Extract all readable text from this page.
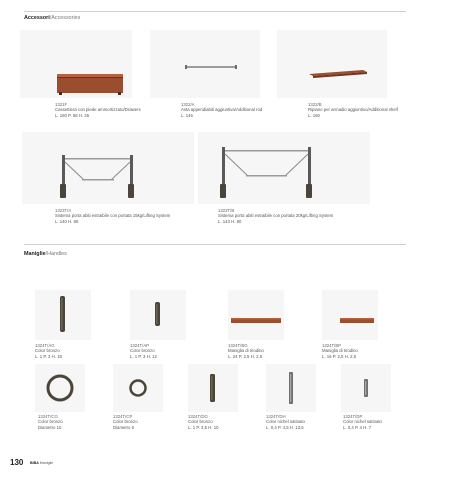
Accessori/Accessories
1321F
Cassettiera con piede ammortizzato/Drawers
L. 160 P. 58 H. 36
1322/A
Asta appendiabiti aggiuntiva/Additional rod
L. 146
1322/B
Ripiano per armadio aggiuntivo/Additional shelf
L. 160
1323T/A
Sistema porta abiti estraibile con portata 15kg/Lifting System
L. 140 H. 65
1323T/B
Sistema porta abiti estraibile con portata 20kg/Lifting System
L. 143 H. 80
Maniglie/Handles
1324T/AG
Color bronzo
L. 1 P. 3 H. 18
1324T/AP
Color bronzo
L. 1 P. 3 H. 12
1324T/BG
Maniglia di tirodino
L. 24 P. 2,5 H. 2,5
1324T/BP
Maniglia di tirodino
L. 16 P. 2,5 H. 2,5
1324T/CG
Color bronzo
Diametro 10
1324T/CP
Color bronzo
Diametro 6
1324T/DG
Color bronzo
L. 1 P. 3,5 H. 10
1324T/DH
Color nichel satinato
L. 0,4 P. 4,5 H. 13,5
1324T/DP
Color nichel satinato
L. 0,4 P. 4 H. 7
130 BIBA Maniglie
